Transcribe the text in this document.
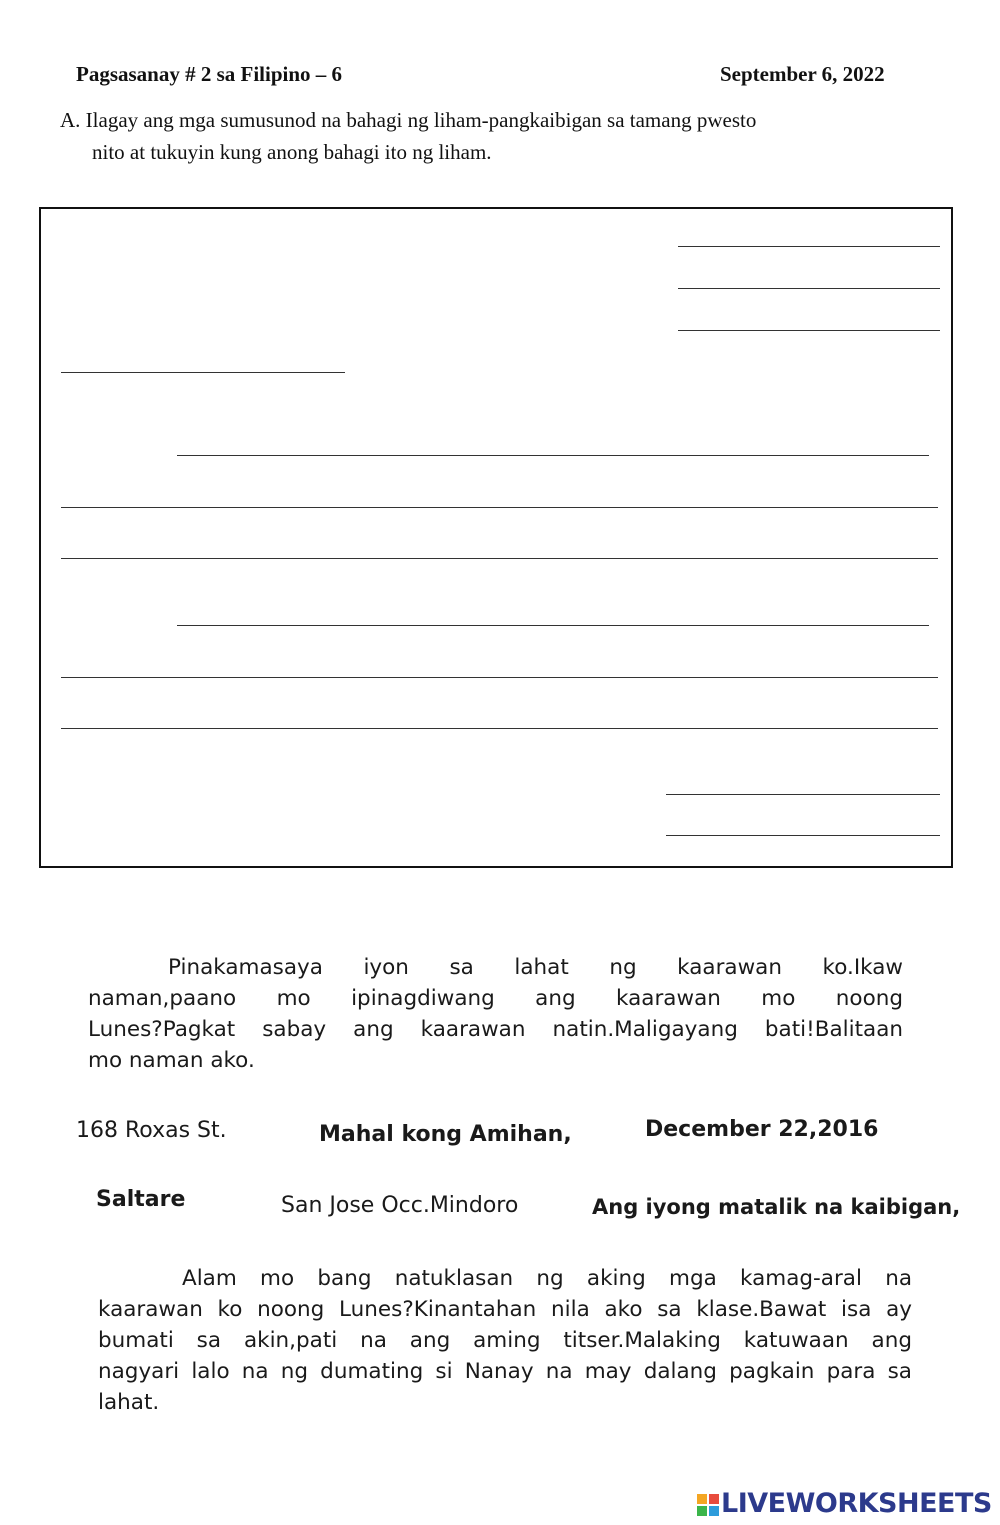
Pagsasanay # 2 sa Filipino – 6	September 6, 2022
A. Ilagay ang mga sumusunod na bahagi ng liham-pangkaibigan sa tamang pwesto
nito at tukuyin kung anong bahagi ito ng liham.
Pinakamasaya iyon sa lahat ng kaarawan ko.Ikaw
naman,paano mo ipinagdiwang ang kaarawan mo noong
Lunes?Pagkat sabay ang kaarawan natin.Maligayang bati!Balitaan
mo naman ako.
168 Roxas St.	Mahal kong Amihan,	December 22,2016
Saltare	San Jose Occ.Mindoro	Ang iyong matalik na kaibigan,
Alam mo bang natuklasan ng aking mga kamag-aral na
kaarawan ko noong Lunes?Kinantahan nila ako sa klase.Bawat isa ay
bumati sa akin,pati na ang aming titser.Malaking katuwaan ang
nagyari lalo na ng dumating si Nanay na may dalang pagkain para sa
lahat.
LIVEWORKSHEETS
